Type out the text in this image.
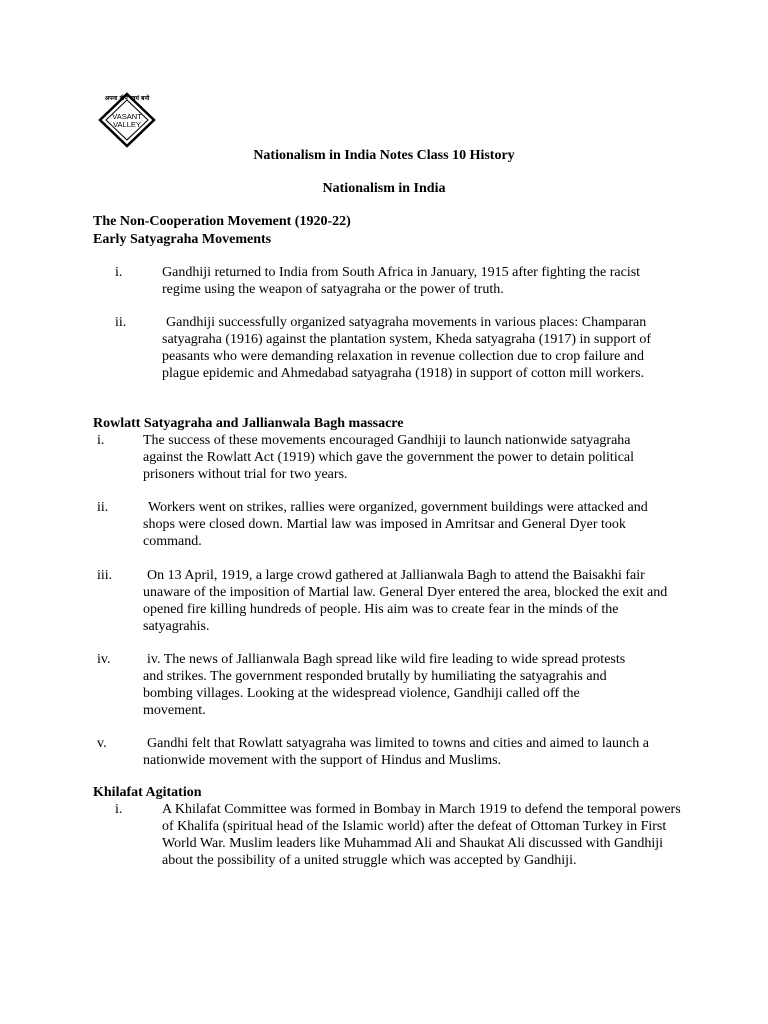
अपना दीप स्वयं बनो
VASANT
VALLEY
Nationalism in India Notes Class 10 History
Nationalism in India
The Non-Cooperation Movement (1920-22)
Early Satyagraha Movements
i.	Gandhiji returned to India from South Africa in January, 1915 after fighting the racist regime using the weapon of satyagraha or the power of truth.
ii.	Gandhiji successfully organized satyagraha movements in various places: Champaran satyagraha (1916) against the plantation system, Kheda satyagraha (1917) in support of peasants who were demanding relaxation in revenue collection due to crop failure and plague epidemic and Ahmedabad satyagraha (1918) in support of cotton mill workers.
Rowlatt Satyagraha and Jallianwala Bagh massacre
i.	The success of these movements encouraged Gandhiji to launch nationwide satyagraha against the Rowlatt Act (1919) which gave the government the power to detain political prisoners without trial for two years.
ii.	Workers went on strikes, rallies were organized, government buildings were attacked and shops were closed down. Martial law was imposed in Amritsar and General Dyer took command.
iii. On 13 April, 1919, a large crowd gathered at Jallianwala Bagh to attend the Baisakhi fair unaware of the imposition of Martial law. General Dyer entered the area, blocked the exit and opened fire killing hundreds of people. His aim was to create fear in the minds of the satyagrahis.
iv.	iv. The news of Jallianwala Bagh spread like wild fire leading to wide spread protests and strikes. The government responded brutally by humiliating the satyagrahis and bombing villages. Looking at the widespread violence, Gandhiji called off the movement.
v.	Gandhi felt that Rowlatt satyagraha was limited to towns and cities and aimed to launch a nationwide movement with the support of Hindus and Muslims.
Khilafat Agitation
i.	A Khilafat Committee was formed in Bombay in March 1919 to defend the temporal powers of Khalifa (spiritual head of the Islamic world) after the defeat of Ottoman Turkey in First World War. Muslim leaders like Muhammad Ali and Shaukat Ali discussed with Gandhiji about the possibility of a united struggle which was accepted by Gandhiji.
